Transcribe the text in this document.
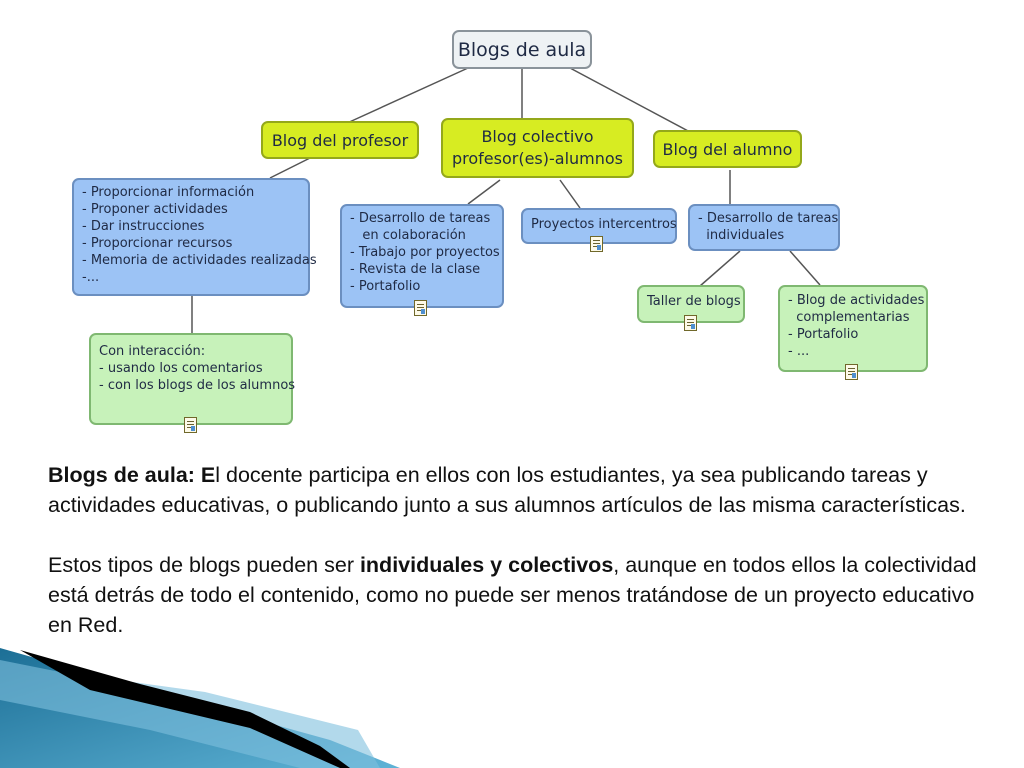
Blogs de aula
Blog del profesor	Blog colectivo
profesor(es)-alumnos Blog del alumno
- Proporcionar información
- Proponer actividades
- Dar instrucciones
- Proporcionar recursos
- Memoria de actividades realizadas
-...
Con interacción:
- usando los comentarios
- con los blogs de los alumnos
- Desarrollo de tareas
en colaboración
- Trabajo por proyectos
- Revista de la clase
- Portafolio
Proyectos intercentros - Desarrollo de tareas
individuales
Taller de blogs	- Blog de actividades
complementarias
- Portafolio
- ...

Blogs de aula: El docente participa en ellos con los estudiantes, ya sea publicando tareas y actividades educativas, o publicando junto a sus alumnos artículos de las misma características.

Estos tipos de blogs pueden ser individuales y colectivos, aunque en todos ellos la colectividad está detrás de todo el contenido, como no puede ser menos tratándose de un proyecto educativo en Red.
